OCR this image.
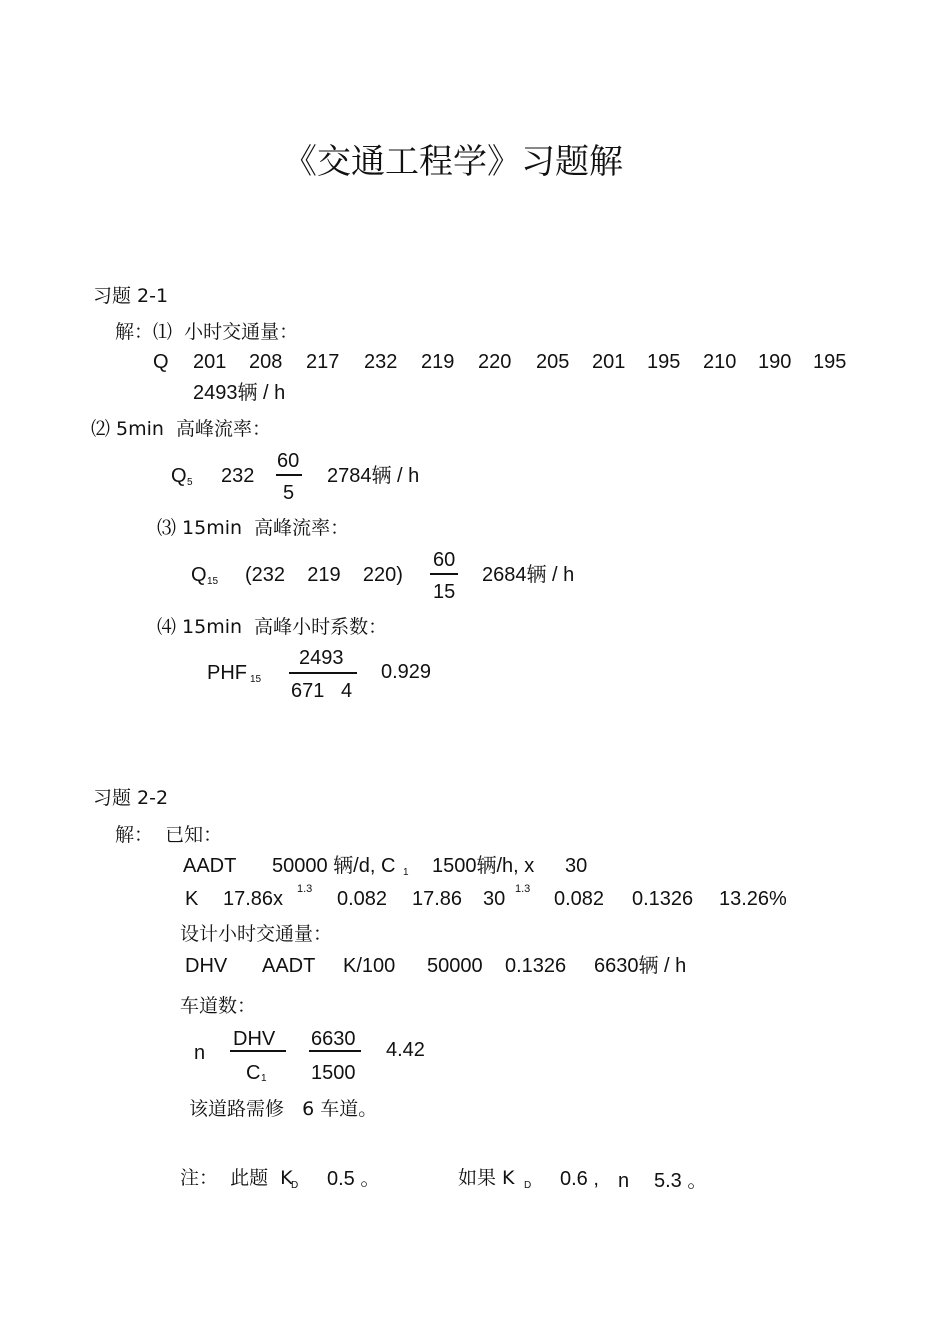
《交通工程学》习题解
习题 2-1
解：⑴  小时交通量：
Q 201 208 217 232 219 220 205 201 195 210 190 195
2493辆 / h
⑵ 5min  高峰流率：
Q 5 232
60
5
2784辆 / h
⑶ 15min  高峰流率：
Q 15 (232    219    220)
60
15
2684辆 / h
⑷ 15min  高峰小时系数：
PHF 15
2493
671   4
0.929
习题 2-2
解：  已知：
AADT 50000 辆/d, C 1 1500辆/h, x 30
K 17.86x 1.3 0.082 17.86 30 1.3 0.082 0.1326 13.26%
设计小时交通量：
DHV AADT K/100 50000 0.1326 6630辆 / h
车道数：
n
DHV
C 1
6630
1500
4.42
该道路需修   6 车道。
注：  此题  K
D 0.5 。	如果 K D 0.6 , n 5.3 。
